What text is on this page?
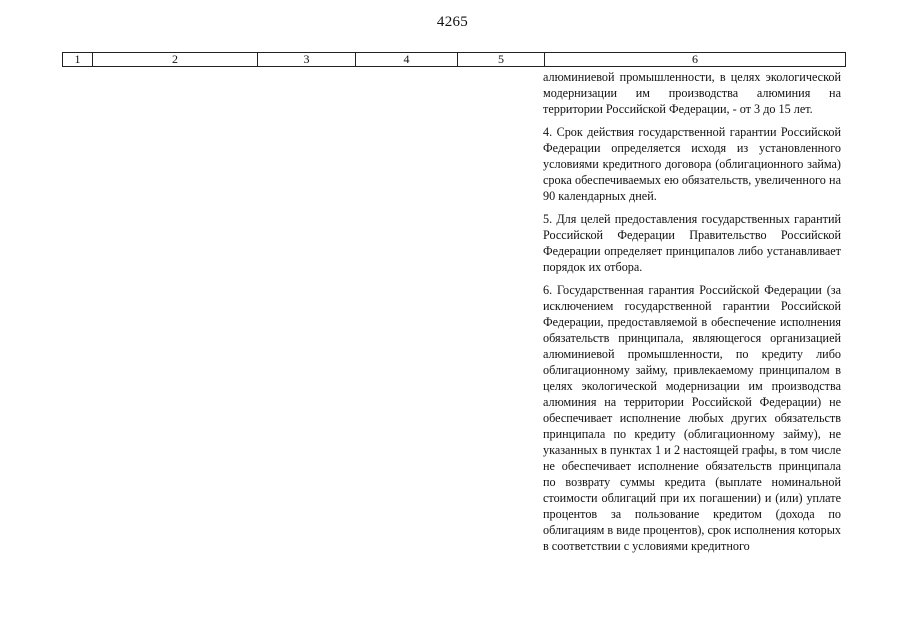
4265
1	2	3	4	5	6

алюминиевой промышленности, в целях экологической модернизации им производства алюминия на территории Российской Федерации, - от 3 до 15 лет.

4. Срок действия государственной гарантии Российской Федерации определяется исходя из установленного условиями кредитного договора (облигационного займа) срока обеспечиваемых ею обязательств, увеличенного на 90 календарных дней.

5. Для целей предоставления государственных гарантий Российской Федерации Правительство Российской Федерации определяет принципалов либо устанавливает порядок их отбора.

6. Государственная гарантия Российской Федерации (за исключением государственной гарантии Российской Федерации, предоставляемой в обеспечение исполнения обязательств принципала, являющегося организацией алюминиевой промышленности, по кредиту либо облигационному займу, привлекаемому принципалом в целях экологической модернизации им производства алюминия на территории Российской Федерации) не обеспечивает исполнение любых других обязательств принципала по кредиту (облигационному займу), не указанных в пунктах 1 и 2 настоящей графы, в том числе не обеспечивает исполнение обязательств принципала по возврату суммы кредита (выплате номинальной стоимости облигаций при их погашении) и (или) уплате процентов за пользование кредитом (дохода по облигациям в виде процентов), срок исполнения которых в соответствии с условиями кредитного
